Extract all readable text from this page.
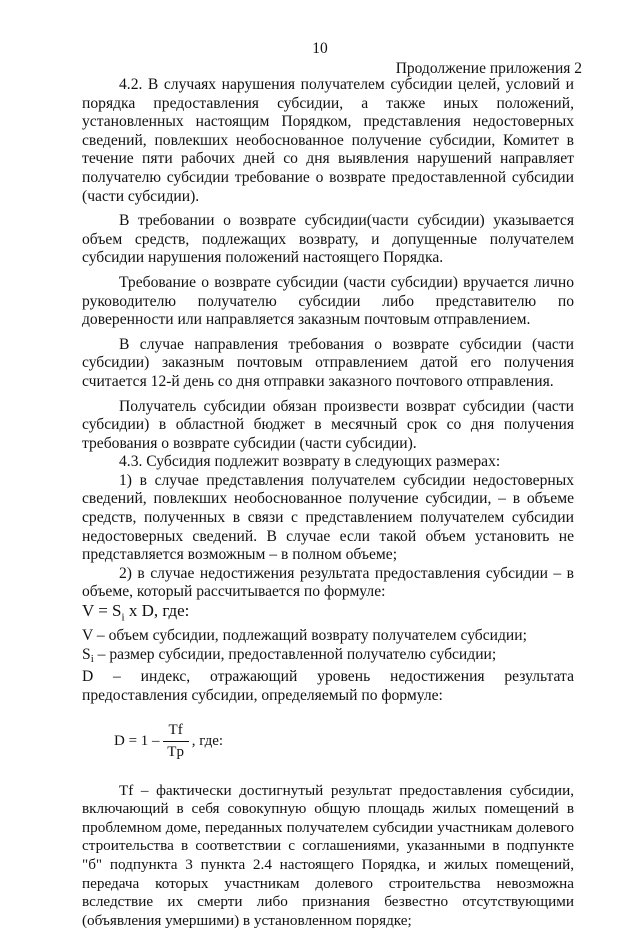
10
Продолжение приложения 2

4.2. В случаях нарушения получателем субсидии целей, условий и порядка предоставления субсидии, а также иных положений, установленных настоящим Порядком, представления недостоверных сведений, повлекших необоснованное получение субсидии, Комитет в течение пяти рабочих дней со дня выявления нарушений направляет получателю субсидии требование о возврате предоставленной субсидии (части субсидии).

В требовании о возврате субсидии(части субсидии) указывается объем средств, подлежащих возврату, и допущенные получателем субсидии нарушения положений настоящего Порядка.

Требование о возврате субсидии (части субсидии) вручается лично руководителю получателю субсидии либо представителю по доверенности или направляется заказным почтовым отправлением.

В случае направления требования о возврате субсидии (части субсидии) заказным почтовым отправлением датой его получения считается 12-й день со дня отправки заказного почтового отправления.

Получатель субсидии обязан произвести возврат субсидии (части субсидии) в областной бюджет в месячный срок со дня получения требования о возврате субсидии (части субсидии).

4.3. Субсидия подлежит возврату в следующих размерах:

1) в случае представления получателем субсидии недостоверных сведений, повлекших необоснованное получение субсидии, – в объеме средств, полученных в связи с представлением получателем субсидии недостоверных сведений. В случае если такой объем установить не представляется возможным – в полном объеме;

2) в случае недостижения результата предоставления субсидии – в объеме, который рассчитывается по формуле:

$V = S_i$ x D, где:

V – объем субсидии, подлежащий возврату получателем субсидии;

$S_i$ – размер субсидии, предоставленной получателю субсидии;

D – индекс, отражающий уровень недостижения результата предоставления субсидии, определяемый по формуле:

$D = 1 - \frac{Tf}{Tp}$ , где:

Tf – фактически достигнутый результат предоставления субсидии, включающий в себя совокупную общую площадь жилых помещений в проблемном доме, переданных получателем субсидии участникам долевого строительства в соответствии с соглашениями, указанными в подпункте "б" подпункта 3 пункта 2.4 настоящего Порядка, и жилых помещений, передача которых участникам долевого строительства невозможна вследствие их смерти либо признания безвестно отсутствующими (объявления умершими) в установленном порядке;
